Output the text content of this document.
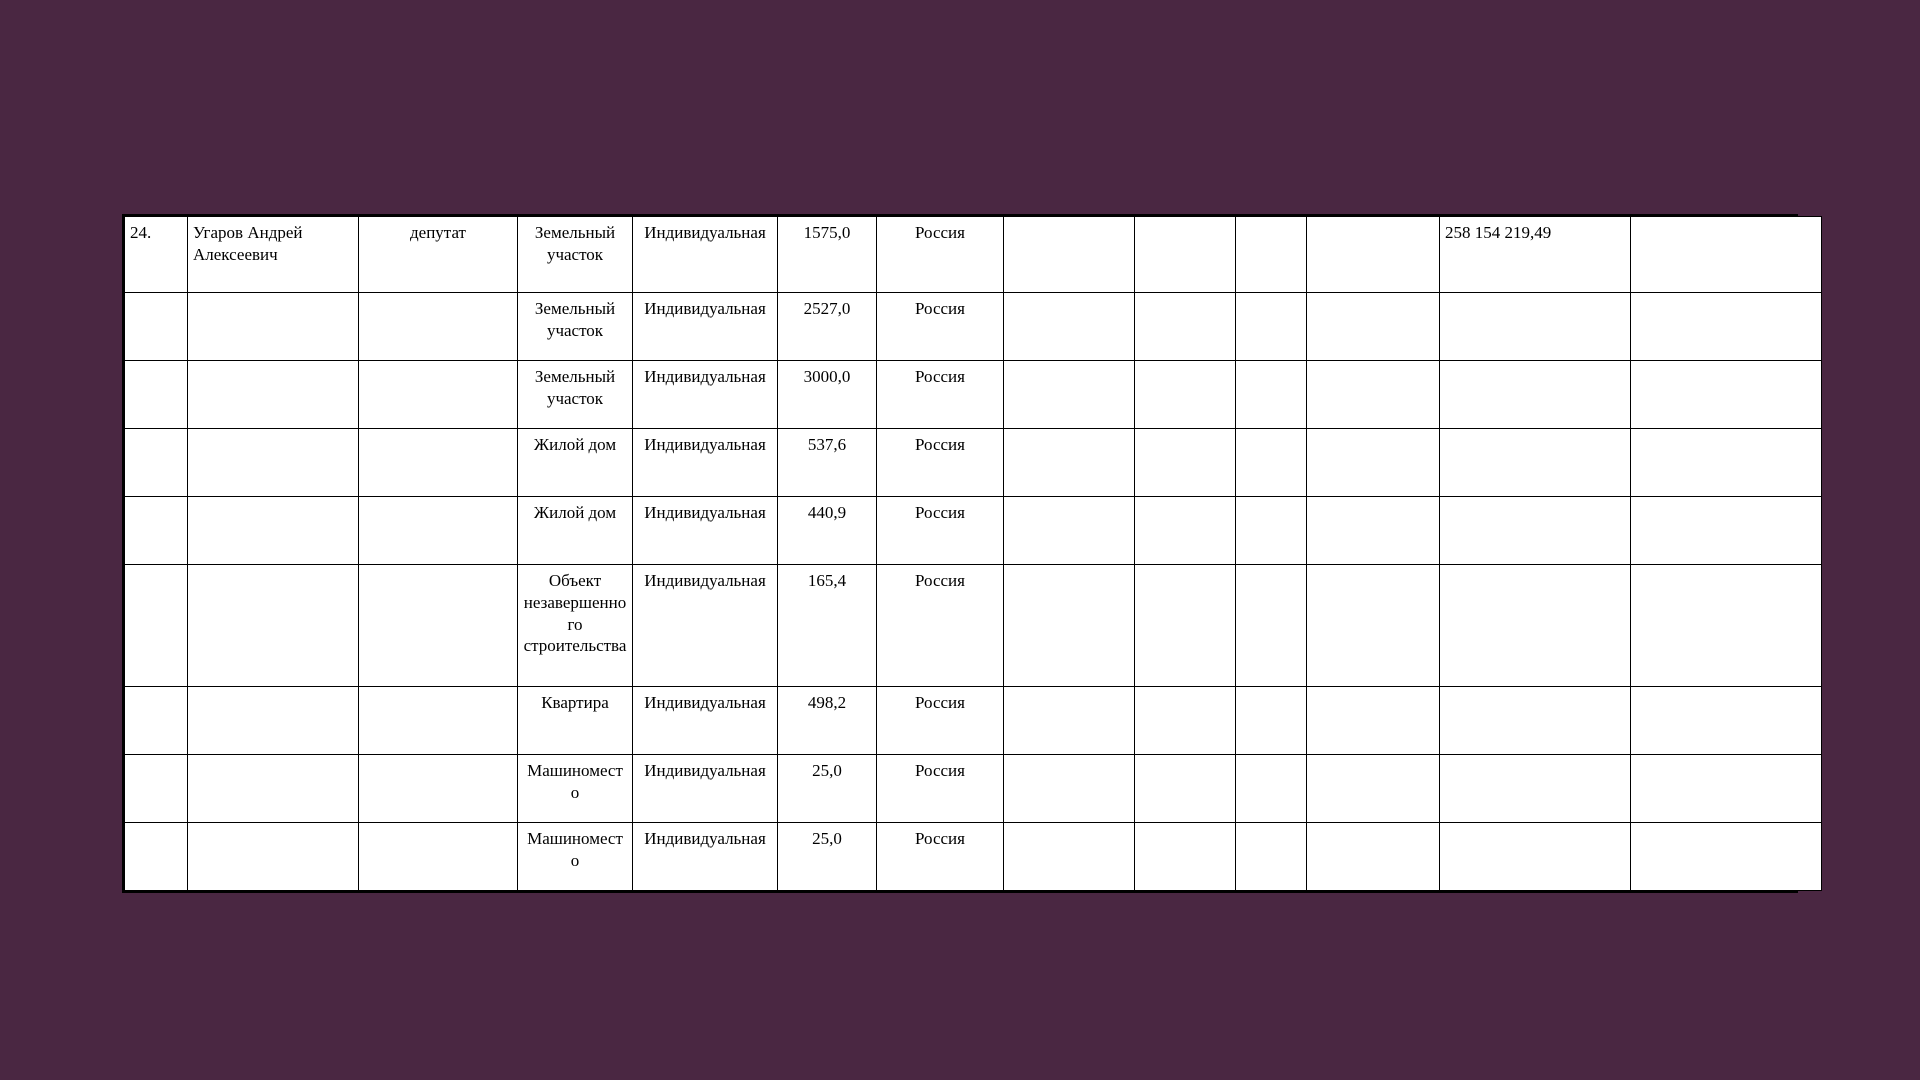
24.	Угаров Андрей Алексеевич	депутат	Земельный участок	Индивидуальная	1575,0	Россия					258 154 219,49	
			Земельный участок	Индивидуальная	2527,0	Россия						
			Земельный участок	Индивидуальная	3000,0	Россия						
			Жилой дом	Индивидуальная	537,6	Россия						
			Жилой дом	Индивидуальная	440,9	Россия						
			Объект незавершенного строительства	Индивидуальная	165,4	Россия						
			Квартира	Индивидуальная	498,2	Россия						
			Машиноместо	Индивидуальная	25,0	Россия						
			Машиноместо	Индивидуальная	25,0	Россия						
